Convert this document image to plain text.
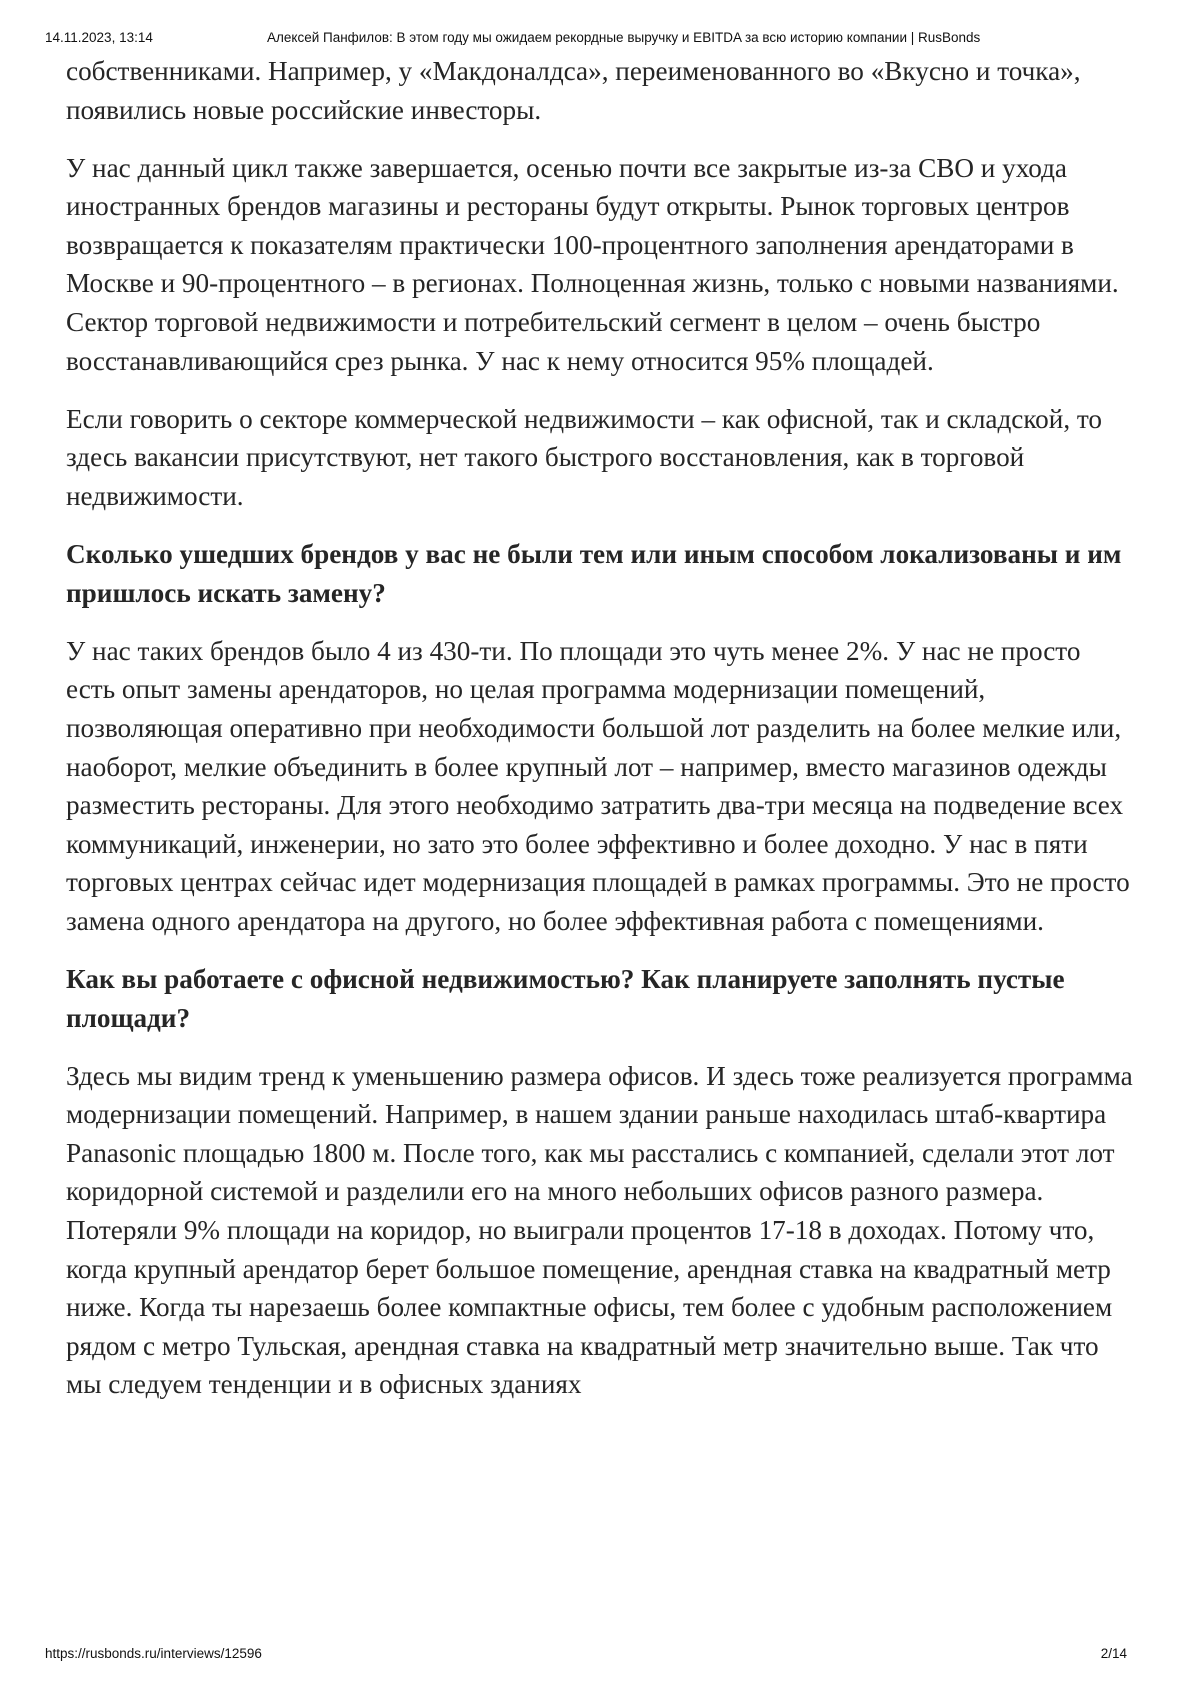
14.11.2023, 13:14	Алексей Панфилов: В этом году мы ожидаем рекордные выручку и EBITDA за всю историю компании | RusBonds

собственниками. Например, у «Макдоналдса», переименованного во «Вкусно и точка», появились новые российские инвесторы.

У нас данный цикл также завершается, осенью почти все закрытые из-за СВО и ухода иностранных брендов магазины и рестораны будут открыты. Рынок торговых центров возвращается к показателям практически 100-процентного заполнения арендаторами в Москве и 90-процентного – в регионах. Полноценная жизнь, только с новыми названиями. Сектор торговой недвижимости и потребительский сегмент в целом – очень быстро восстанавливающийся срез рынка. У нас к нему относится 95% площадей.

Если говорить о секторе коммерческой недвижимости – как офисной, так и складской, то здесь вакансии присутствуют, нет такого быстрого восстановления, как в торговой недвижимости.

Сколько ушедших брендов у вас не были тем или иным способом локализованы и им пришлось искать замену?

У нас таких брендов было 4 из 430-ти. По площади это чуть менее 2%. У нас не просто есть опыт замены арендаторов, но целая программа модернизации помещений, позволяющая оперативно при необходимости большой лот разделить на более мелкие или, наоборот, мелкие объединить в более крупный лот – например, вместо магазинов одежды разместить рестораны. Для этого необходимо затратить два-три месяца на подведение всех коммуникаций, инженерии, но зато это более эффективно и более доходно. У нас в пяти торговых центрах сейчас идет модернизация площадей в рамках программы. Это не просто замена одного арендатора на другого, но более эффективная работа с помещениями.

Как вы работаете с офисной недвижимостью? Как планируете заполнять пустые площади?

Здесь мы видим тренд к уменьшению размера офисов. И здесь тоже реализуется программа модернизации помещений. Например, в нашем здании раньше находилась штаб-квартира Panasonic площадью 1800 м. После того, как мы расстались с компанией, сделали этот лот коридорной системой и разделили его на много небольших офисов разного размера. Потеряли 9% площади на коридор, но выиграли процентов 17-18 в доходах. Потому что, когда крупный арендатор берет большое помещение, арендная ставка на квадратный метр ниже. Когда ты нарезаешь более компактные офисы, тем более с удобным расположением рядом с метро Тульская, арендная ставка на квадратный метр значительно выше. Так что мы следуем тенденции и в офисных зданиях

https://rusbonds.ru/interviews/12596	2/14
